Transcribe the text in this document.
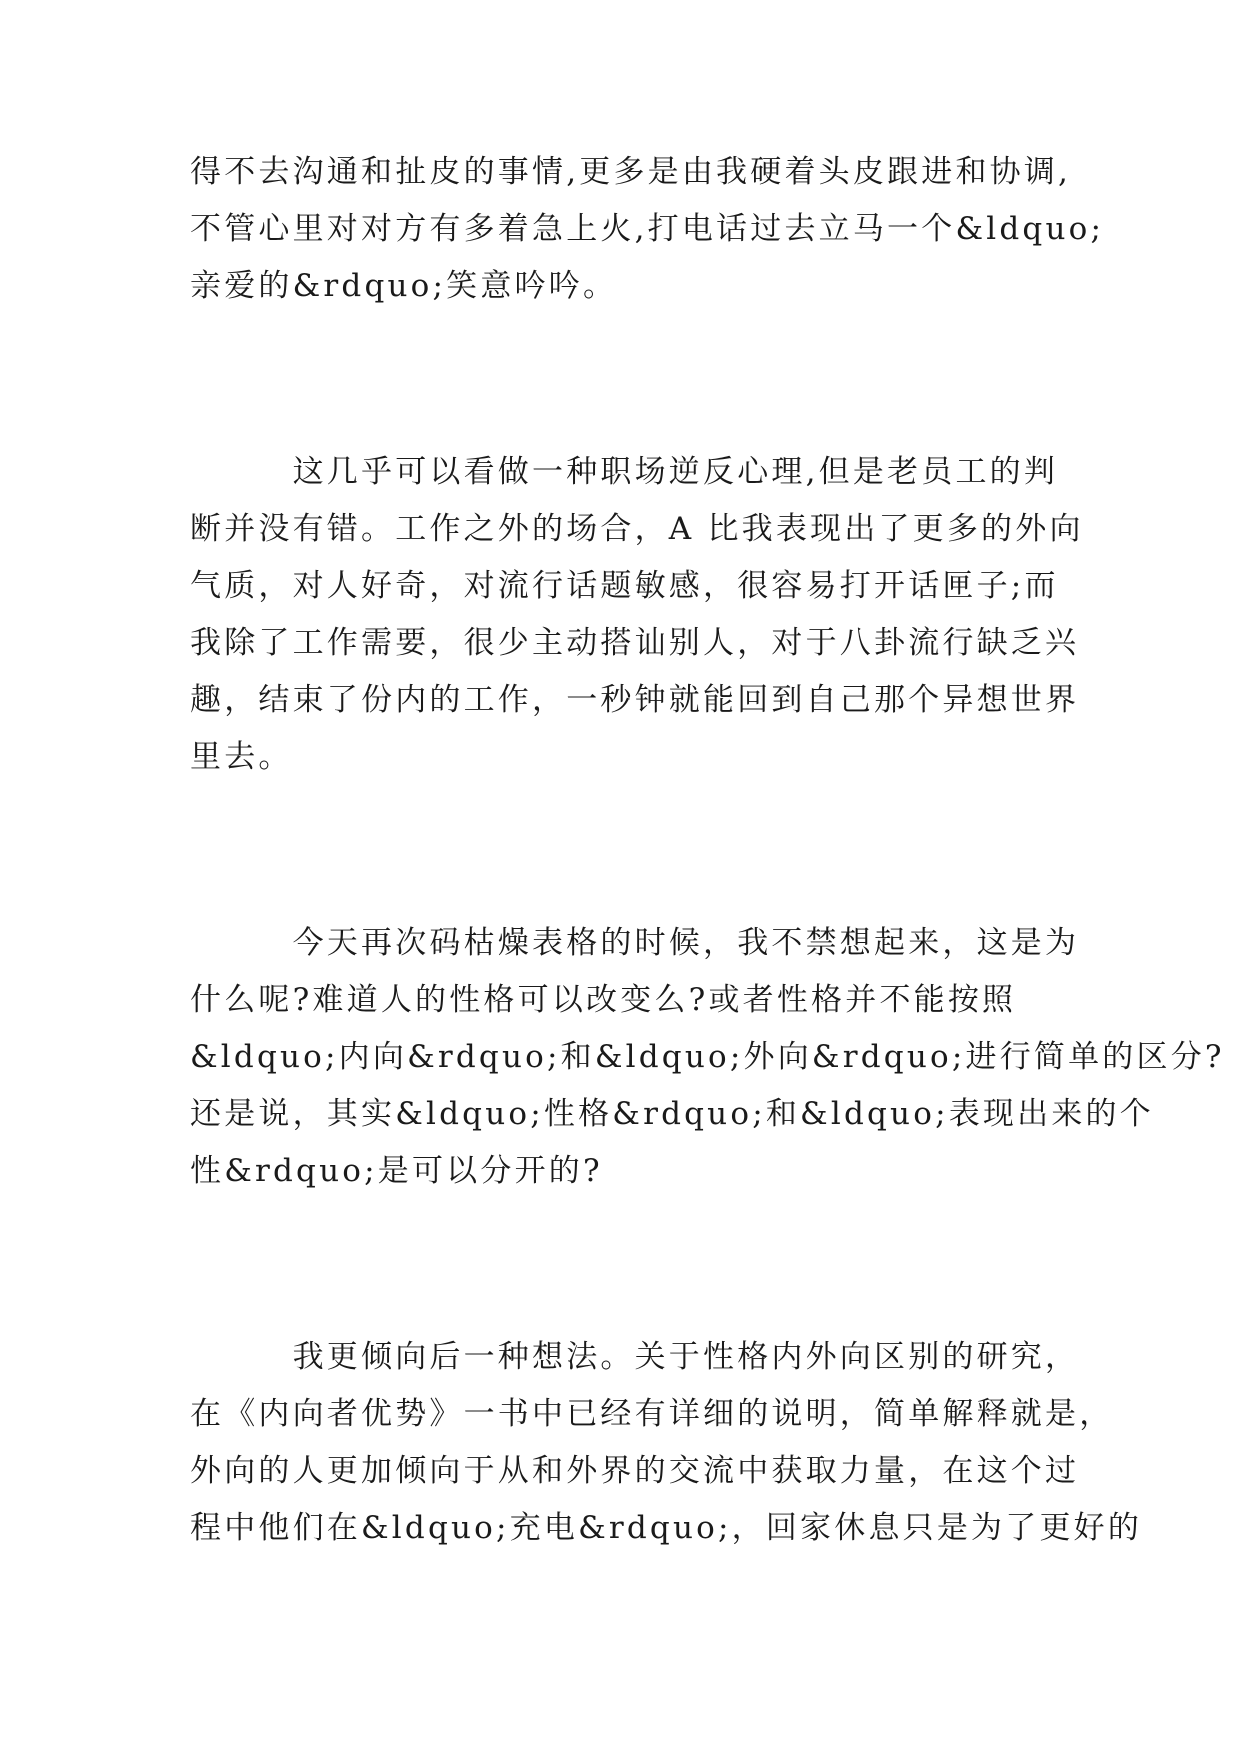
得不去沟通和扯皮的事情,更多是由我硬着头皮跟进和协调,
不管心里对对方有多着急上火,打电话过去立马一个&ldquo;
亲爱的&rdquo;笑意吟吟。
　　　这几乎可以看做一种职场逆反心理,但是老员工的判
断并没有错。工作之外的场合，A 比我表现出了更多的外向
气质，对人好奇，对流行话题敏感，很容易打开话匣子;而
我除了工作需要，很少主动搭讪别人，对于八卦流行缺乏兴
趣，结束了份内的工作，一秒钟就能回到自己那个异想世界
里去。
　　　今天再次码枯燥表格的时候，我不禁想起来，这是为
什么呢?难道人的性格可以改变么?或者性格并不能按照
&ldquo;内向&rdquo;和&ldquo;外向&rdquo;进行简单的区分?
还是说，其实&ldquo;性格&rdquo;和&ldquo;表现出来的个
性&rdquo;是可以分开的?
　　　我更倾向后一种想法。关于性格内外向区别的研究，
在《内向者优势》一书中已经有详细的说明，简单解释就是，
外向的人更加倾向于从和外界的交流中获取力量，在这个过
程中他们在&ldquo;充电&rdquo;，回家休息只是为了更好的
